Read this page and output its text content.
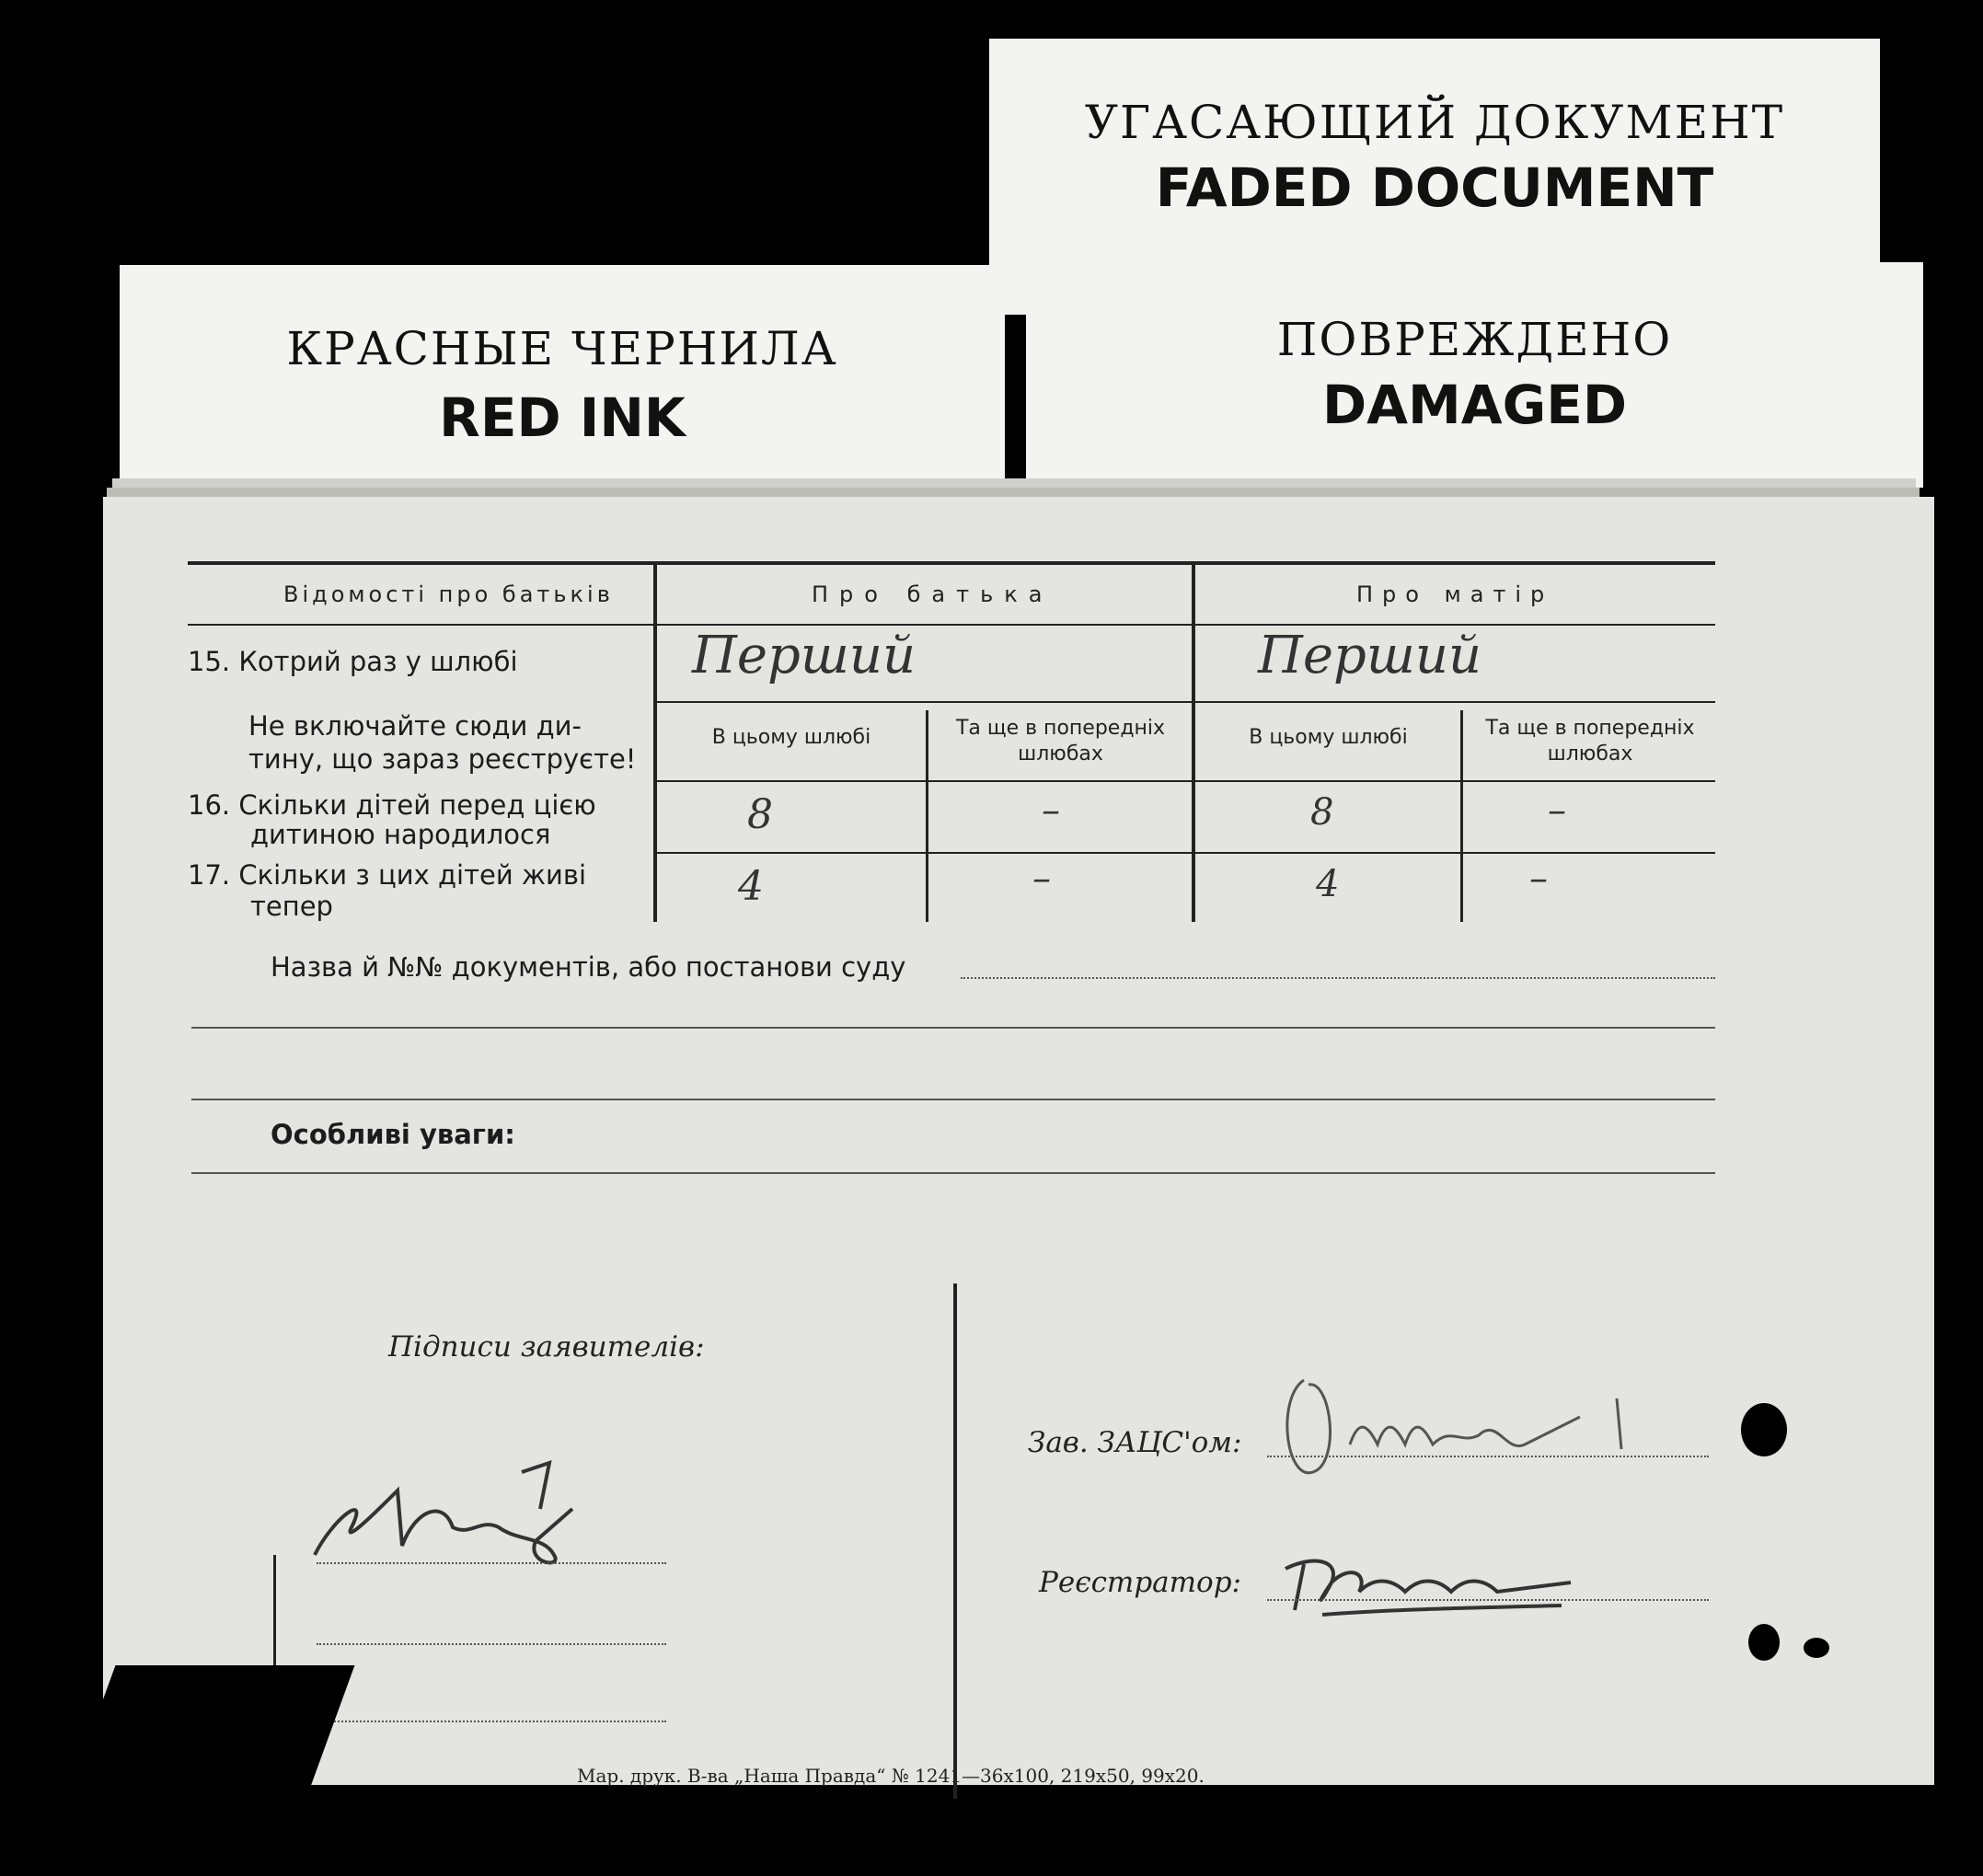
УГАСАЮЩИЙ ДОКУМЕНТ
FADED DOCUMENT
КРАСНЫЕ ЧЕРНИЛА
RED INK
ПОВРЕЖДЕНО
DAMAGED
Відомості про батьків	Про батька	Про матір
15. Котрий раз у шлюбі	Перший	Перший
Не включайте сюди ди-
тину, що зараз реєструєте!
В цьому шлюбі	Та ще в попередніх
шлюбах
В цьому шлюбі	Та ще в попередніх
шлюбах
16. Скільки дітей перед цією
дитиною народилося	8	–	8	–
17. Скільки з цих дітей живі
тепер	4	–	4	–
Назва й №№ документів, або постанови суду
Особливі уваги:
Підписи заявителів:
Зав. ЗАЦС'ом:
Реєстратор:
Мар. друк. В-ва „Наша Правда“ № 1241—36х100, 219х50, 99х20.
